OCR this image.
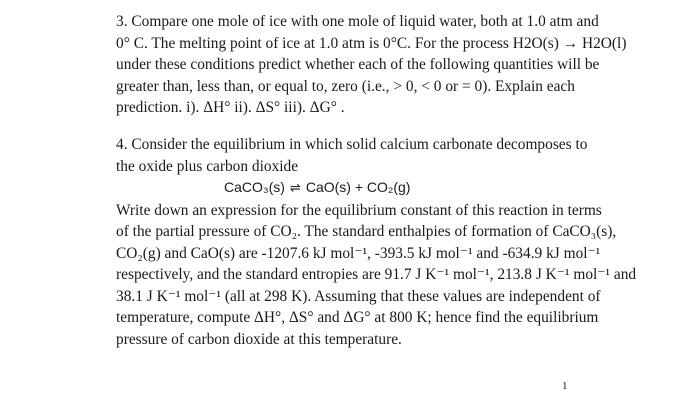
3. Compare one mole of ice with one mole of liquid water, both at 1.0 atm and
0° C. The melting point of ice at 1.0 atm is 0°C. For the process H2O(s) → H2O(l)
under these conditions predict whether each of the following quantities will be
greater than, less than, or equal to, zero (i.e., > 0, < 0 or = 0). Explain each
prediction. i). ΔH° ii). ΔS° iii). ΔG° .
4. Consider the equilibrium in which solid calcium carbonate decomposes to
the oxide plus carbon dioxide
CaCO₃(s) ⇌ CaO(s) + CO₂(g)
Write down an expression for the equilibrium constant of this reaction in terms
of the partial pressure of CO₂. The standard enthalpies of formation of CaCO₃(s),
CO₂(g) and CaO(s) are -1207.6 kJ mol⁻¹, -393.5 kJ mol⁻¹ and -634.9 kJ mol⁻¹
respectively, and the standard entropies are 91.7 J K⁻¹ mol⁻¹, 213.8 J K⁻¹ mol⁻¹ and
38.1 J K⁻¹ mol⁻¹ (all at 298 K). Assuming that these values are independent of
temperature, compute ΔH°, ΔS° and ΔG° at 800 K; hence find the equilibrium
pressure of carbon dioxide at this temperature.
1
